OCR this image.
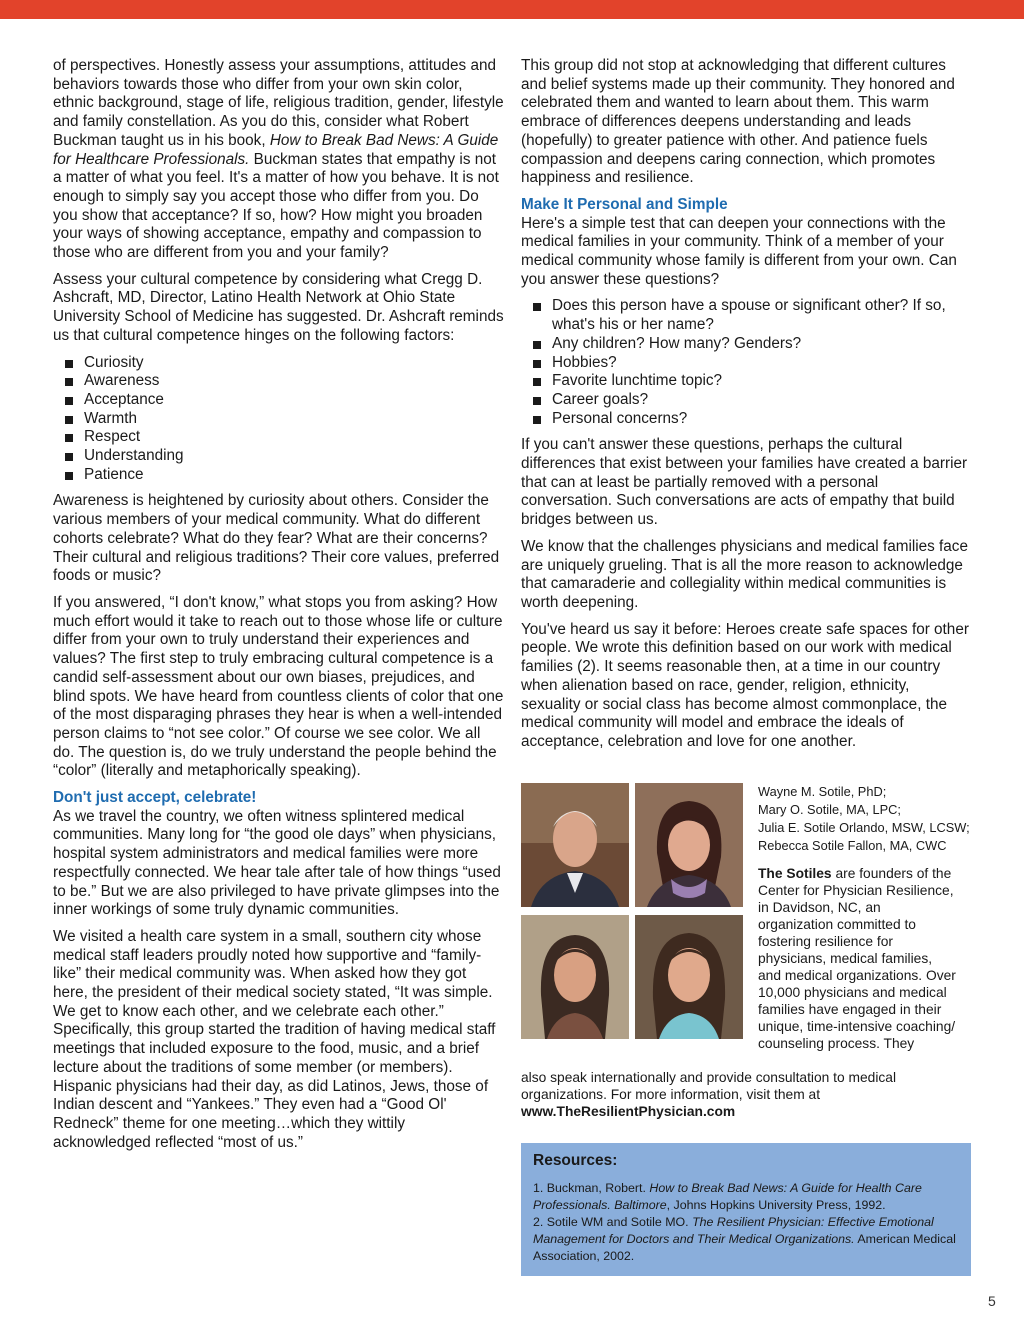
of perspectives. Honestly assess your assumptions, attitudes and behaviors towards those who differ from your own skin color, ethnic background, stage of life, religious tradition, gender, lifestyle and family constellation. As you do this, consider what Robert Buckman taught us in his book, How to Break Bad News: A Guide for Healthcare Professionals. Buckman states that empathy is not a matter of what you feel. It's a matter of how you behave. It is not enough to simply say you accept those who differ from you. Do you show that acceptance? If so, how? How might you broaden your ways of showing acceptance, empathy and compassion to those who are different from you and your family?

Assess your cultural competence by considering what Cregg D. Ashcraft, MD, Director, Latino Health Network at Ohio State University School of Medicine has suggested. Dr. Ashcraft reminds us that cultural competence hinges on the following factors:

Curiosity
Awareness
Acceptance
Warmth
Respect
Understanding
Patience

Awareness is heightened by curiosity about others. Consider the various members of your medical community. What do different cohorts celebrate? What do they fear? What are their concerns? Their cultural and religious traditions? Their core values, preferred foods or music?

If you answered, “I don't know,” what stops you from asking? How much effort would it take to reach out to those whose life or culture differ from your own to truly understand their experiences and values? The first step to truly embracing cultural competence is a candid self-assessment about our own biases, prejudices, and blind spots. We have heard from countless clients of color that one of the most disparaging phrases they hear is when a well-intended person claims to “not see color.” Of course we see color. We all do. The question is, do we truly understand the people behind the “color” (literally and metaphorically speaking).

Don't just accept, celebrate!

As we travel the country, we often witness splintered medical communities. Many long for “the good ole days” when physicians, hospital system administrators and medical families were more respectfully connected. We hear tale after tale of how things “used to be.” But we are also privileged to have private glimpses into the inner workings of some truly dynamic communities.

We visited a health care system in a small, southern city whose medical staff leaders proudly noted how supportive and “family-like” their medical community was. When asked how they got here, the president of their medical society stated, “It was simple. We get to know each other, and we celebrate each other.” Specifically, this group started the tradition of having medical staff meetings that included exposure to the food, music, and a brief lecture about the traditions of some member (or members). Hispanic physicians had their day, as did Latinos, Jews, those of Indian descent and “Yankees.” They even had a “Good Ol' Redneck” theme for one meeting…which they wittily acknowledged reflected “most of us.”

This group did not stop at acknowledging that different cultures and belief systems made up their community. They honored and celebrated them and wanted to learn about them. This warm embrace of differences deepens understanding and leads (hopefully) to greater patience with other. And patience fuels compassion and deepens caring connection, which promotes happiness and resilience.

Make It Personal and Simple

Here's a simple test that can deepen your connections with the medical families in your community. Think of a member of your medical community whose family is different from your own. Can you answer these questions?

Does this person have a spouse or significant other? If so, what's his or her name?
Any children? How many? Genders?
Hobbies?
Favorite lunchtime topic?
Career goals?
Personal concerns?

If you can't answer these questions, perhaps the cultural differences that exist between your families have created a barrier that can at least be partially removed with a personal conversation. Such conversations are acts of empathy that build bridges between us.

We know that the challenges physicians and medical families face are uniquely grueling. That is all the more reason to acknowledge that camaraderie and collegiality within medical communities is worth deepening.

You've heard us say it before: Heroes create safe spaces for other people. We wrote this definition based on our work with medical families (2). It seems reasonable then, at a time in our country when alienation based on race, gender, religion, ethnicity, sexuality or social class has become almost commonplace, the medical community will model and embrace the ideals of acceptance, celebration and love for one another.

Wayne M. Sotile, PhD;
Mary O. Sotile, MA, LPC;
Julia E. Sotile Orlando, MSW, LCSW;
Rebecca Sotile Fallon, MA, CWC
The Sotiles are founders of the Center for Physician Resilience, in Davidson, NC, an organization committed to fostering resilience for physicians, medical families, and medical organizations. Over 10,000 physicians and medical families have engaged in their unique, time-intensive coaching/ counseling process. They
also speak internationally and provide consultation to medical organizations. For more information, visit them at
www.TheResilientPhysician.com
Resources:
1. Buckman, Robert. How to Break Bad News: A Guide for Health Care Professionals. Baltimore, Johns Hopkins University Press, 1992.
2. Sotile WM and Sotile MO. The Resilient Physician: Effective Emotional Management for Doctors and Their Medical Organizations. American Medical Association, 2002.
5
